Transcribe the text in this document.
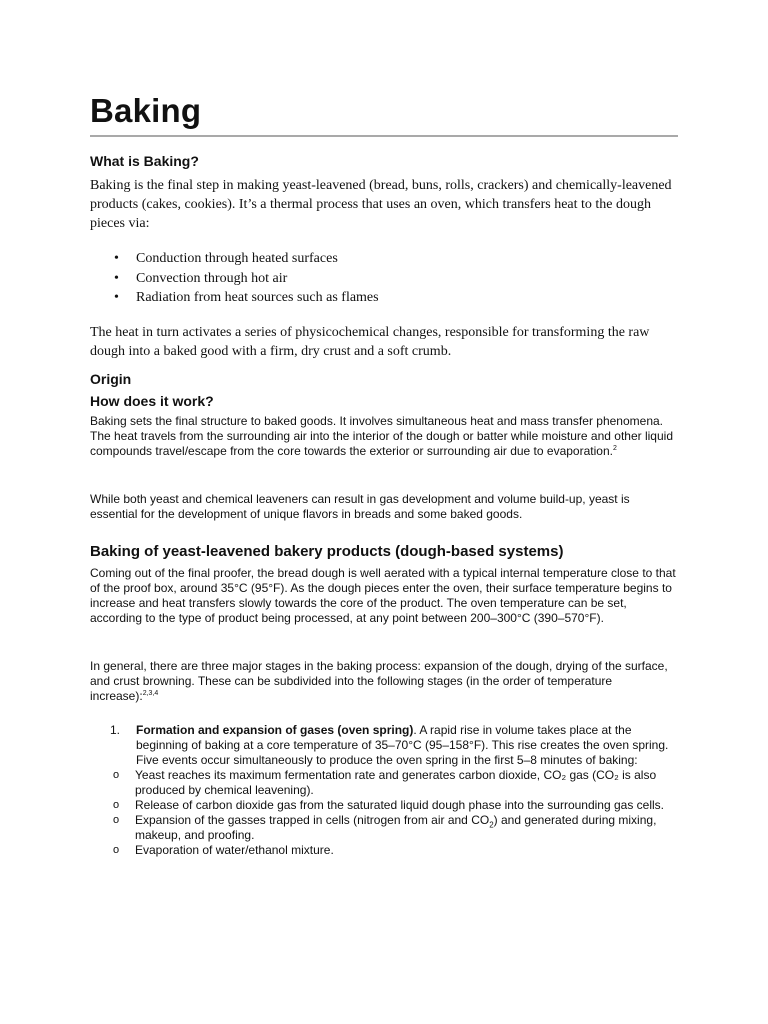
Baking
What is Baking?

Baking is the final step in making yeast-leavened (bread, buns, rolls, crackers) and chemically-leavened products (cakes, cookies). It’s a thermal process that uses an oven, which transfers heat to the dough pieces via:

• Conduction through heated surfaces
• Convection through hot air
• Radiation from heat sources such as flames

The heat in turn activates a series of physicochemical changes, responsible for transforming the raw dough into a baked good with a firm, dry crust and a soft crumb.

Origin
How does it work?

Baking sets the final structure to baked goods. It involves simultaneous heat and mass transfer phenomena. The heat travels from the surrounding air into the interior of the dough or batter while moisture and other liquid compounds travel/escape from the core towards the exterior or surrounding air due to evaporation.$^2$

While both yeast and chemical leaveners can result in gas development and volume build-up, yeast is essential for the development of unique flavors in breads and some baked goods.

Baking of yeast-leavened bakery products (dough-based systems)

Coming out of the final proofer, the bread dough is well aerated with a typical internal temperature close to that of the proof box, around 35°C (95°F). As the dough pieces enter the oven, their surface temperature begins to increase and heat transfers slowly towards the core of the product. The oven temperature can be set, according to the type of product being processed, at any point between 200–300°C (390–570°F).

In general, there are three major stages in the baking process: expansion of the dough, drying of the surface, and crust browning. These can be subdivided into the following stages (in the order of temperature increase):$^{2,3,4}$

1. Formation and expansion of gases (oven spring). A rapid rise in volume takes place at the beginning of baking at a core temperature of 35–70°C (95–158°F). This rise creates the oven spring. Five events occur simultaneously to produce the oven spring in the first 5–8 minutes of baking:
o Yeast reaches its maximum fermentation rate and generates carbon dioxide, CO₂ gas (CO₂ is also produced by chemical leavening).
o Release of carbon dioxide gas from the saturated liquid dough phase into the surrounding gas cells.
o Expansion of the gasses trapped in cells (nitrogen from air and $CO_2$) and generated during mixing, makeup, and proofing.
o Evaporation of water/ethanol mixture.
